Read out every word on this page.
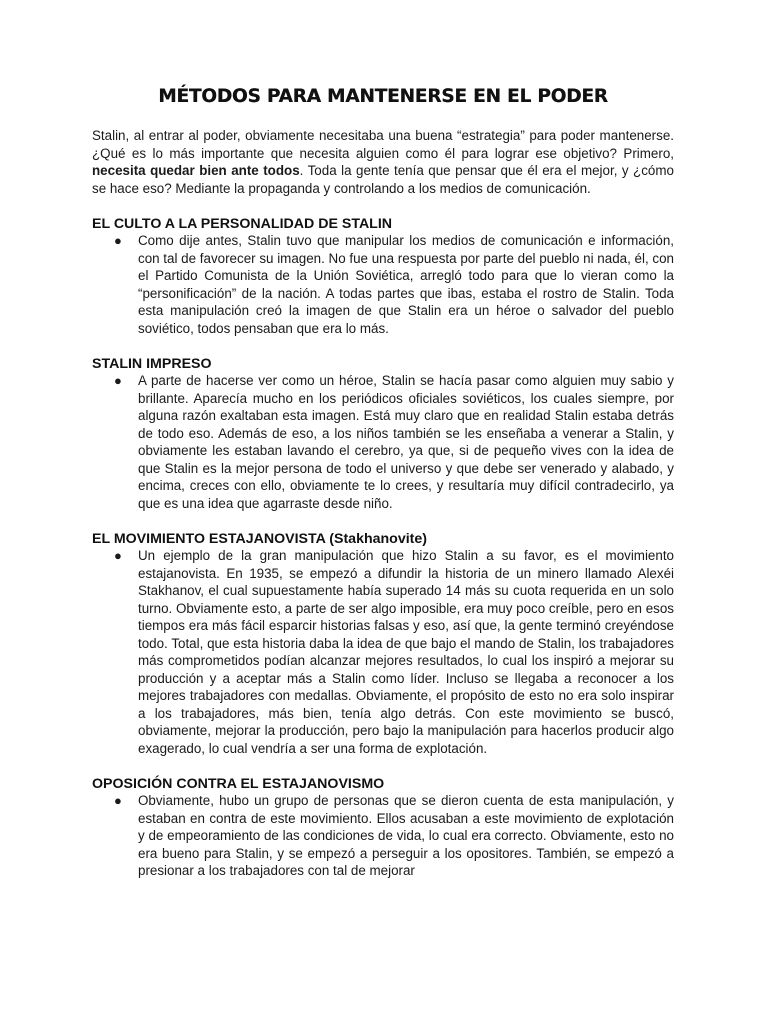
MÉTODOS PARA MANTENERSE EN EL PODER

Stalin, al entrar al poder, obviamente necesitaba una buena “estrategia” para poder mantenerse. ¿Qué es lo más importante que necesita alguien como él para lograr ese objetivo? Primero, necesita quedar bien ante todos. Toda la gente tenía que pensar que él era el mejor, y ¿cómo se hace eso? Mediante la propaganda y controlando a los medios de comunicación.

EL CULTO A LA PERSONALIDAD DE STALIN
● Como dije antes, Stalin tuvo que manipular los medios de comunicación e información, con tal de favorecer su imagen. No fue una respuesta por parte del pueblo ni nada, él, con el Partido Comunista de la Unión Soviética, arregló todo para que lo vieran como la “personificación” de la nación. A todas partes que ibas, estaba el rostro de Stalin. Toda esta manipulación creó la imagen de que Stalin era un héroe o salvador del pueblo soviético, todos pensaban que era lo más.
STALIN IMPRESO
● A parte de hacerse ver como un héroe, Stalin se hacía pasar como alguien muy sabio y brillante. Aparecía mucho en los periódicos oficiales soviéticos, los cuales siempre, por alguna razón exaltaban esta imagen. Está muy claro que en realidad Stalin estaba detrás de todo eso. Además de eso, a los niños también se les enseñaba a venerar a Stalin, y obviamente les estaban lavando el cerebro, ya que, si de pequeño vives con la idea de que Stalin es la mejor persona de todo el universo y que debe ser venerado y alabado, y encima, creces con ello, obviamente te lo crees, y resultaría muy difícil contradecirlo, ya que es una idea que agarraste desde niño.
EL MOVIMIENTO ESTAJANOVISTA (Stakhanovite)
● Un ejemplo de la gran manipulación que hizo Stalin a su favor, es el movimiento estajanovista. En 1935, se empezó a difundir la historia de un minero llamado Alexéi Stakhanov, el cual supuestamente había superado 14 más su cuota requerida en un solo turno. Obviamente esto, a parte de ser algo imposible, era muy poco creíble, pero en esos tiempos era más fácil esparcir historias falsas y eso, así que, la gente terminó creyéndose todo. Total, que esta historia daba la idea de que bajo el mando de Stalin, los trabajadores más comprometidos podían alcanzar mejores resultados, lo cual los inspiró a mejorar su producción y a aceptar más a Stalin como líder. Incluso se llegaba a reconocer a los mejores trabajadores con medallas. Obviamente, el propósito de esto no era solo inspirar a los trabajadores, más bien, tenía algo detrás. Con este movimiento se buscó, obviamente, mejorar la producción, pero bajo la manipulación para hacerlos producir algo exagerado, lo cual vendría a ser una forma de explotación.
OPOSICIÓN CONTRA EL ESTAJANOVISMO
● Obviamente, hubo un grupo de personas que se dieron cuenta de esta manipulación, y estaban en contra de este movimiento. Ellos acusaban a este movimiento de explotación y de empeoramiento de las condiciones de vida, lo cual era correcto. Obviamente, esto no era bueno para Stalin, y se empezó a perseguir a los opositores. También, se empezó a presionar a los trabajadores con tal de mejorar
